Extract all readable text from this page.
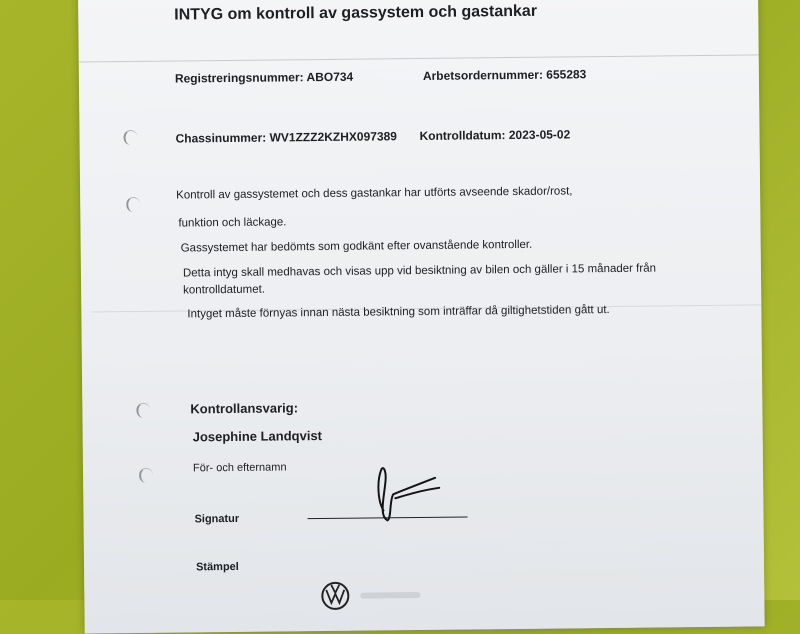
INTYG om kontroll av gassystem och gastankar
Registreringsnummer: ABO734	Arbetsordernummer: 655283
Chassinummer: WV1ZZZ2KZHX097389 Kontrolldatum: 2023-05-02
Kontroll av gassystemet och dess gastankar har utförts avseende skador/rost,
funktion och läckage.
Gassystemet har bedömts som godkänt efter ovanstående kontroller.
Detta intyg skall medhavas och visas upp vid besiktning av bilen och gäller i 15 månader från
kontrolldatumet.
Intyget måste förnyas innan nästa besiktning som inträffar då giltighetstiden gått ut.
Kontrollansvarig:
Josephine Landqvist
För- och efternamn
Signatur
Stämpel
